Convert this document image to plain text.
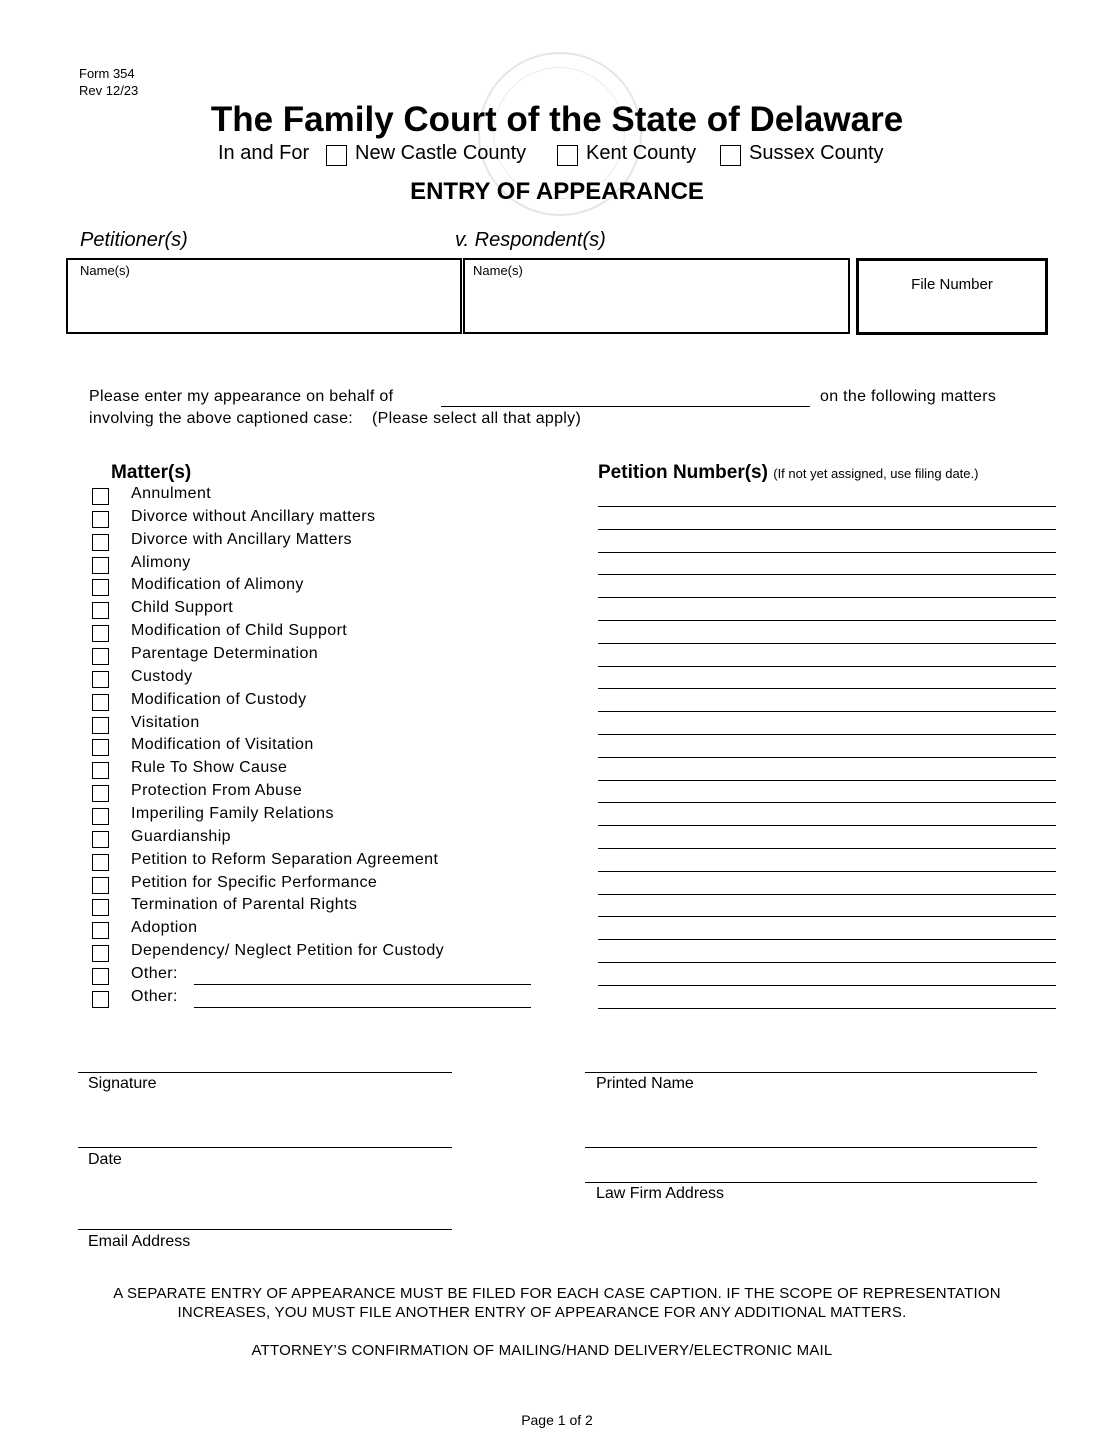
Form 354
Rev 12/23
The Family Court of the State of Delaware
In and For New Castle County	Kent County	Sussex County
ENTRY OF APPEARANCE
Petitioner(s)	v. Respondent(s)
Name(s)	Name(s)
File Number
Please enter my appearance on behalf of	on the following matters
involving the above captioned case:    (Please select all that apply)
Matter(s)	Petition Number(s) (If not yet assigned, use filing date.)
Annulment
Divorce without Ancillary matters
Divorce with Ancillary Matters
Alimony
Modification of Alimony
Child Support
Modification of Child Support
Parentage Determination
Custody
Modification of Custody
Visitation
Modification of Visitation
Rule To Show Cause
Protection From Abuse
Imperiling Family Relations
Guardianship
Petition to Reform Separation Agreement
Petition for Specific Performance
Termination of Parental Rights
Adoption
Dependency/ Neglect Petition for Custody
Other:
Other:
Signature
Date
Email Address
Printed Name
Law Firm Address
A SEPARATE ENTRY OF APPEARANCE MUST BE FILED FOR EACH CASE CAPTION. IF THE SCOPE OF REPRESENTATION
INCREASES, YOU MUST FILE ANOTHER ENTRY OF APPEARANCE FOR ANY ADDITIONAL MATTERS.
ATTORNEY’S CONFIRMATION OF MAILING/HAND DELIVERY/ELECTRONIC MAIL
Page 1 of 2
